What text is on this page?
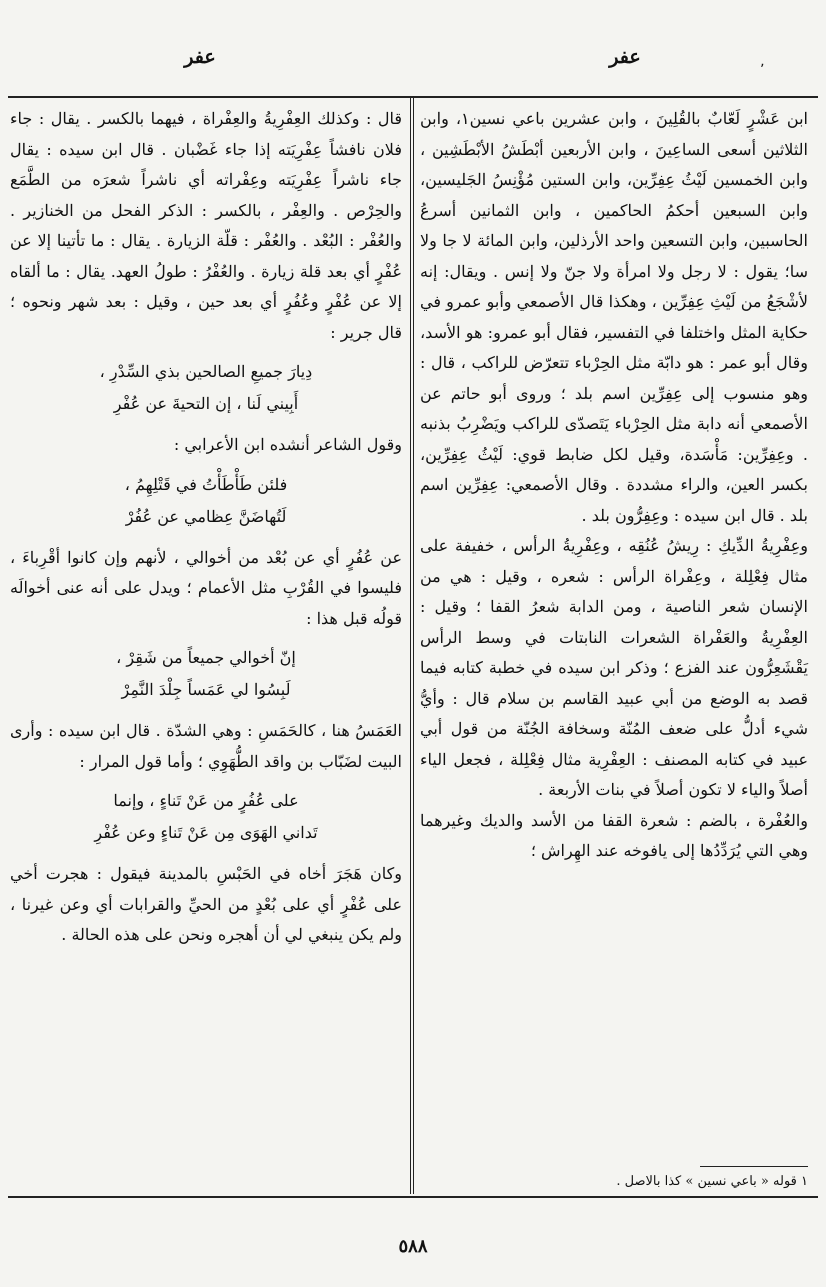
عفر
عفر
٬

ابن عَشْرٍ لَعّابٌ بالقُلِينَ ، وابن عشرين باعي نسين١، وابن الثلاثين أسعى الساعِينَ ، وابن الأربعين أبْطَشُ الأبْطَشِين ، وابن الخمسين لَيْثُ عِفِرِّين، وابن الستين مُؤْنِسُ الجَليسين، وابن السبعين أحكمُ الحاكمين ، وابن الثمانين أسرعُ الحاسبين، وابن التسعين واحد الأرذلين، وابن المائة لا جا ولا سا؛ يقول : لا رجل ولا امرأة ولا جنّ ولا إنس . ويقال: إنه لأشْجَعُ من لَيْثِ عِفِرِّين ، وهكذا قال الأصمعي وأبو عمرو في حكاية المثل واختلفا في التفسير، فقال أبو عمرو: هو الأسد، وقال أبو عمر : هو دابّة مثل الحِرْباء تتعرّض للراكب ، قال : وهو منسوب إلى عِفِرِّين اسم بلد ؛ وروى أبو حاتم عن الأصمعي أنه دابة مثل الحِرْباء يَتَصدّى للراكب ويَضْرِبُ بذنبه . وعِفِرِّين: مَأْسَدة، وقيل لكل ضابط قوي: لَيْثُ عِفِرِّين، بكسر العين، والراء مشددة . وقال الأصمعي: عِفِرِّين اسم بلد . قال ابن سيده : وعِفِرُّون بلد .

وعِفْرِيةُ الدِّيكِ : رِيشُ عُنُقِه ، وعِفْرِيةُ الرأس ، خفيفة على مثال فِعْلِلة ، وعِفْراة الرأس : شعره ، وقيل : هي من الإنسان شعر الناصية ، ومن الدابة شعرُ القفا ؛ وقيل : العِفْرِيةُ والعَفْراة الشعرات النابتات في وسط الرأس يَقْشَعِرُّون عند الفزع ؛ وذكر ابن سيده في خطبة كتابه فيما قصد به الوضع من أبي عبيد القاسم بن سلام قال : وأيُّ شيء أدلُّ على ضعف المُنّة وسخافة الجُنّة من قول أبي عبيد في كتابه المصنف : العِفْرِية مثال فِعْلِلة ، فجعل الياء أصلاً والياء لا تكون أصلاً في بنات الأربعة .

والعُفْرة ، بالضم : شعرة القفا من الأسد والديك وغيرهما وهي التي يُرَدِّدُها إلى يافوخه عند الهِراش ؛

١ قوله « باعي نسين » كذا بالاصل .

قال : وكذلك العِفْرِيةُ والعِفْراة ، فيهما بالكسر . يقال : جاء فلان نافشاً عِفْرِيَته إذا جاء غَضْبان . قال ابن سيده : يقال جاء ناشراً عِفْرِيَته وعِفْراته أي ناشراً شعرَه من الطَّمَع والحِرْص . والعِفْر ، بالكسر : الذكر الفحل من الخنازير . والعُفْر : البُعْد . والعُفْر : قلّة الزيارة . يقال : ما تأتينا إلا عن عُفْرٍ أي بعد قلة زيارة . والعُفْرُ : طولُ العهد. يقال : ما ألقاه إلا عن عُفْرٍ وعُفُرٍ أي بعد حين ، وقيل : بعد شهر ونحوه ؛ قال جرير :

دِيارَ جميعِ الصالحين بذي السِّدْرِ ،
أَبِيني لَنا ، إن التحيةَ عن عُفْرِ

وقول الشاعر أنشده ابن الأعرابي :

فلئن طَأْطَأْتُ في قَتْلِهِمُ ،
لَتُهاضَنَّ عِظامي عن عُفُرْ

عن عُفُرٍ أي عن بُعْد من أخوالي ، لأنهم وإن كانوا أقْرِباءَ ، فليسوا في القُرْبِ مثل الأعمام ؛ ويدل على أنه عنى أخوالَه قولُه قبل هذا :

إنّ أخوالي جميعاً من شَقِرْ ،
لَبِسُوا لي عَمَساً جِلْدَ النَّمِرْ

العَمَسُ هنا ، كالحَمَسِ : وهي الشدّة . قال ابن سيده : وأرى البيت لضَبّاب بن واقد الطُّهَوِي ؛ وأما قول المرار :

على عُفُرٍ من عَنْ تَناءٍ ، وإنما
تَداني الهَوَى مِن عَنْ تَناءٍ وعن عُفْرِ

وكان هَجَرَ أخاه في الحَبْسِ بالمدينة فيقول : هجرت أخي على عُفْرٍ أي على بُعْدٍ من الحيِّ والقرابات أي وعن غيرنا ، ولم يكن ينبغي لي أن أهجره ونحن على هذه الحالة .

٥٨٨
